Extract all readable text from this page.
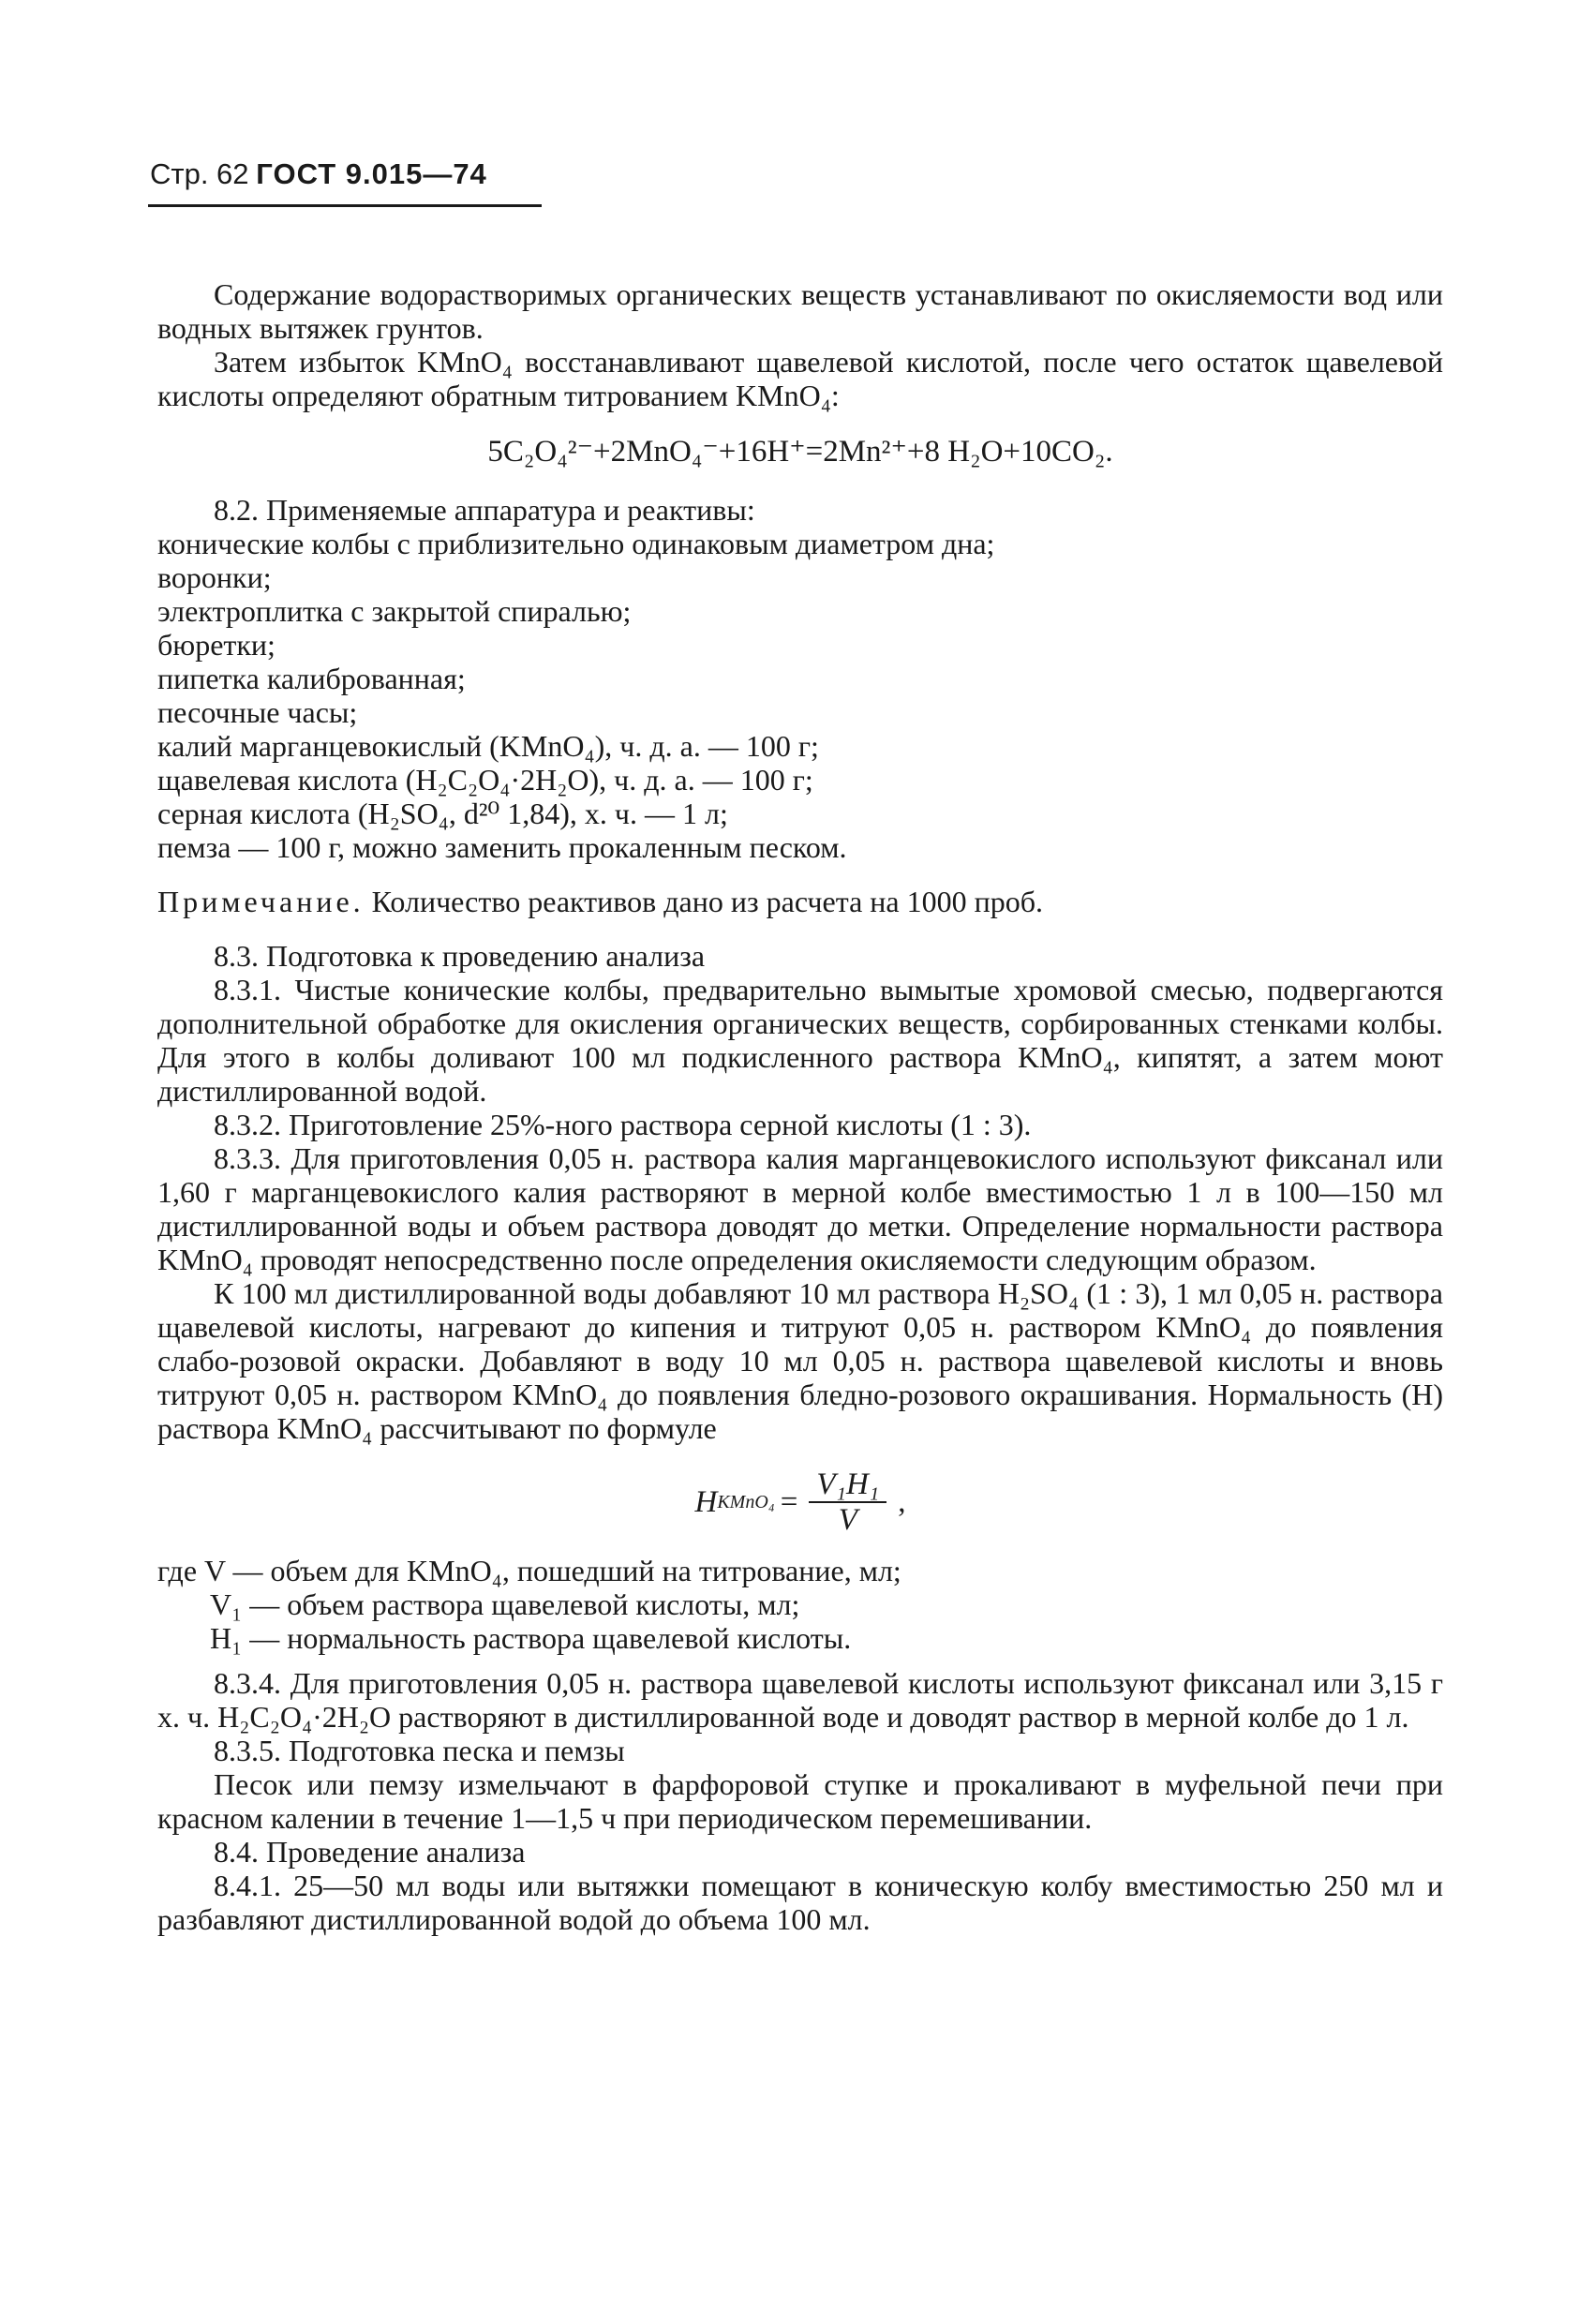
Стр. 62 ГОСТ 9.015—74

Содержание водорастворимых органических веществ устанавливают по окисляемости вод или водных вытяжек грунтов.

Затем избыток KMnO₄ восстанавливают щавелевой кислотой, после чего остаток щавелевой кислоты определяют обратным титрованием KMnO₄:

5C₂O₄²⁻+2MnO₄⁻+16H⁺=2Mn²⁺+8 H₂O+10CO₂.

8.2. Применяемые аппаратура и реактивы:

конические колбы с приблизительно одинаковым диаметром дна;

воронки;

электроплитка с закрытой спиралью;

бюретки;

пипетка калиброванная;

песочные часы;

калий марганцевокислый (KMnO₄), ч. д. а. — 100 г;

щавелевая кислота (H₂C₂O₄·2H₂O), ч. д. а. — 100 г;

серная кислота (H₂SO₄, d²⁰ 1,84), х. ч. — 1 л;

пемза — 100 г, можно заменить прокаленным песком.

Примечание. Количество реактивов дано из расчета на 1000 проб.

8.3. Подготовка к проведению анализа

8.3.1. Чистые конические колбы, предварительно вымытые хромовой смесью, подвергаются дополнительной обработке для окисления органических веществ, сорбированных стенками колбы. Для этого в колбы доливают 100 мл подкисленного раствора KMnO₄, кипятят, а затем моют дистиллированной водой.

8.3.2. Приготовление 25%-ного раствора серной кислоты (1 : 3).

8.3.3. Для приготовления 0,05 н. раствора калия марганцевокислого используют фиксанал или 1,60 г марганцевокислого калия растворяют в мерной колбе вместимостью 1 л в 100—150 мл дистиллированной воды и объем раствора доводят до метки. Определение нормальности раствора KMnO₄ проводят непосредственно после определения окисляемости следующим образом.

К 100 мл дистиллированной воды добавляют 10 мл раствора H₂SO₄ (1 : 3), 1 мл 0,05 н. раствора щавелевой кислоты, нагревают до кипения и титруют 0,05 н. раствором KMnO₄ до появления слабо-розовой окраски. Добавляют в воду 10 мл 0,05 н. раствора щавелевой кислоты и вновь титруют 0,05 н. раствором KMnO₄ до появления бледно-розового окрашивания. Нормальность (Н) раствора KMnO₄ рассчитывают по формуле

H KMnO₄ = $\frac{\text{V₁H₁}}{V}$ ,

где V — объем для KMnO₄, пошедший на титрование, мл;

V₁ — объем раствора щавелевой кислоты, мл;

H₁ — нормальность раствора щавелевой кислоты.

8.3.4. Для приготовления 0,05 н. раствора щавелевой кислоты используют фиксанал или 3,15 г х. ч. H₂C₂O₄·2H₂O растворяют в дистиллированной воде и доводят раствор в мерной колбе до 1 л.

8.3.5. Подготовка песка и пемзы

Песок или пемзу измельчают в фарфоровой ступке и прокаливают в муфельной печи при красном калении в течение 1—1,5 ч при периодическом перемешивании.

8.4. Проведение анализа

8.4.1. 25—50 мл воды или вытяжки помещают в коническую колбу вместимостью 250 мл и разбавляют дистиллированной водой до объема 100 мл.
